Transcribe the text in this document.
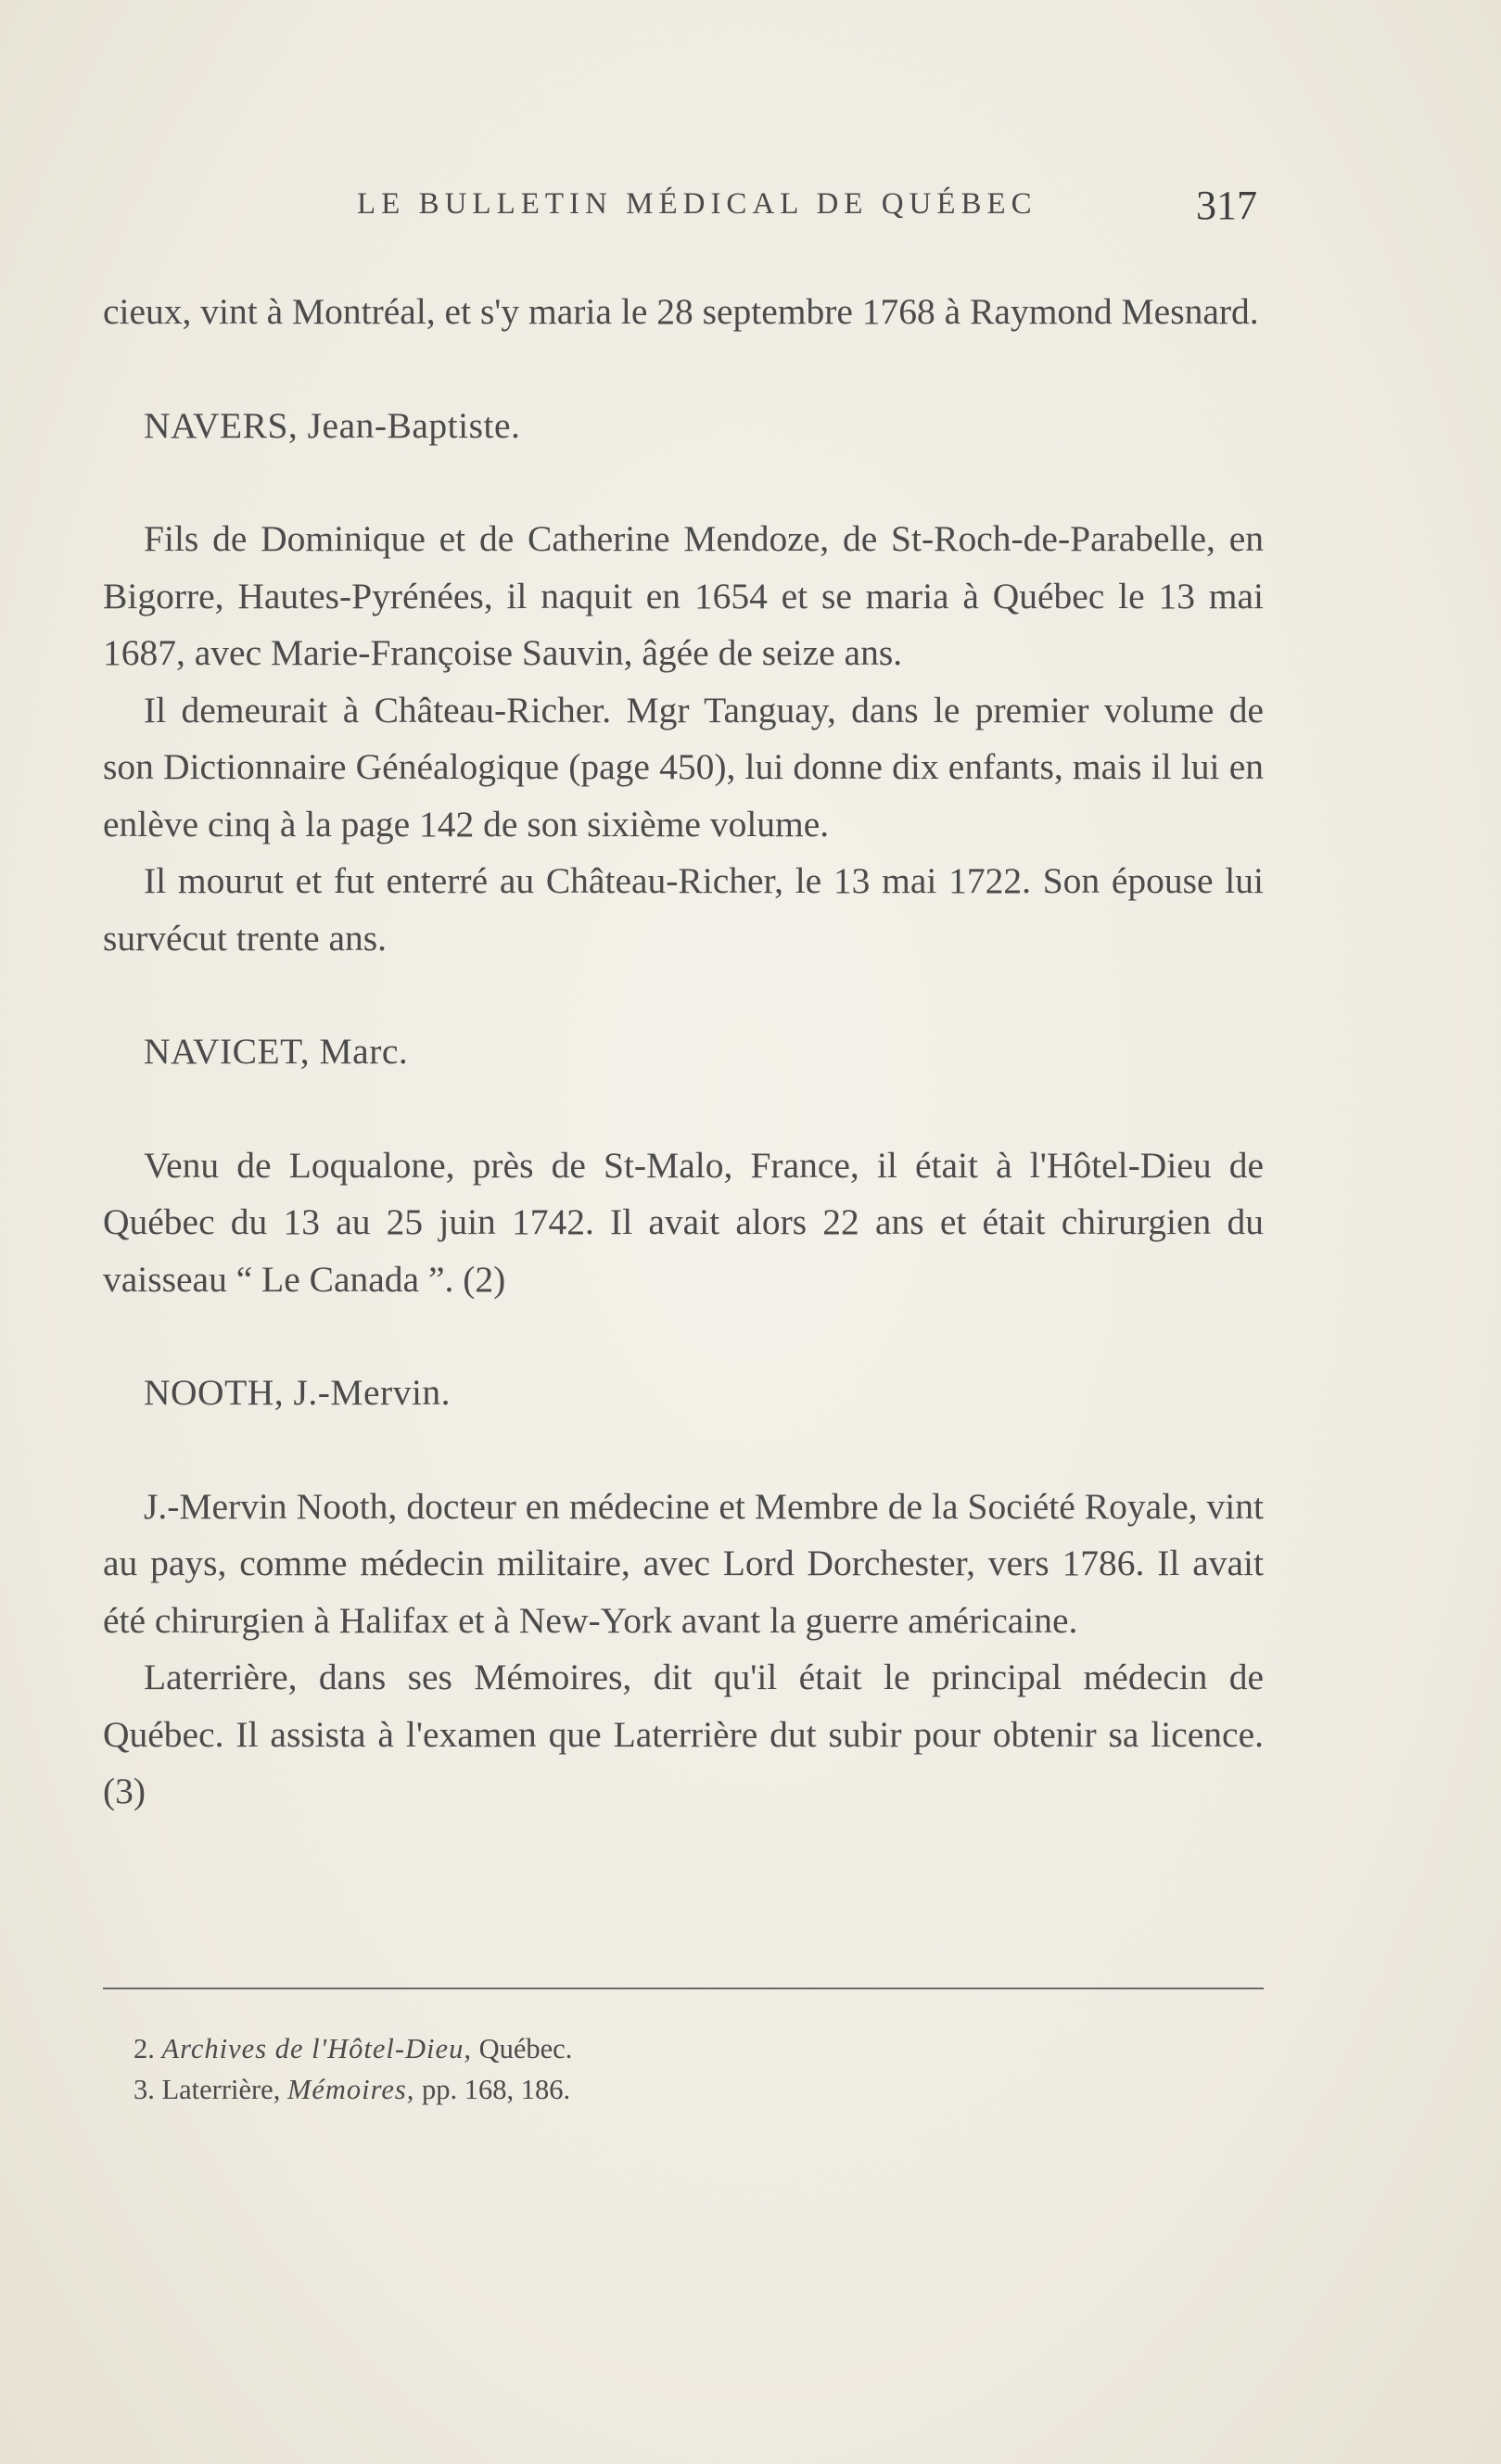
LE BULLETIN MÉDICAL DE QUÉBEC	317

cieux, vint à Montréal, et s'y maria le 28 septembre 1768 à Raymond Mesnard.

NAVERS, Jean-Baptiste.

Fils de Dominique et de Catherine Mendoze, de St-Roch-de-Parabelle, en Bigorre, Hautes-Pyrénées, il naquit en 1654 et se maria à Québec le 13 mai 1687, avec Marie-Françoise Sauvin, âgée de seize ans.

Il demeurait à Château-Richer. Mgr Tanguay, dans le premier volume de son Dictionnaire Généalogique (page 450), lui donne dix enfants, mais il lui en enlève cinq à la page 142 de son sixième volume.

Il mourut et fut enterré au Château-Richer, le 13 mai 1722. Son épouse lui survécut trente ans.

NAVICET, Marc.

Venu de Loqualone, près de St-Malo, France, il était à l'Hôtel-Dieu de Québec du 13 au 25 juin 1742. Il avait alors 22 ans et était chirurgien du vaisseau “ Le Canada ”. (2)

NOOTH, J.-Mervin.

J.-Mervin Nooth, docteur en médecine et Membre de la Société Royale, vint au pays, comme médecin militaire, avec Lord Dorchester, vers 1786. Il avait été chirurgien à Halifax et à New-York avant la guerre américaine.

Laterrière, dans ses Mémoires, dit qu'il était le principal médecin de Québec. Il assista à l'examen que Laterrière dut subir pour obtenir sa licence. (3)

2. Archives de l'Hôtel-Dieu, Québec.

3. Laterrière, Mémoires, pp. 168, 186.
